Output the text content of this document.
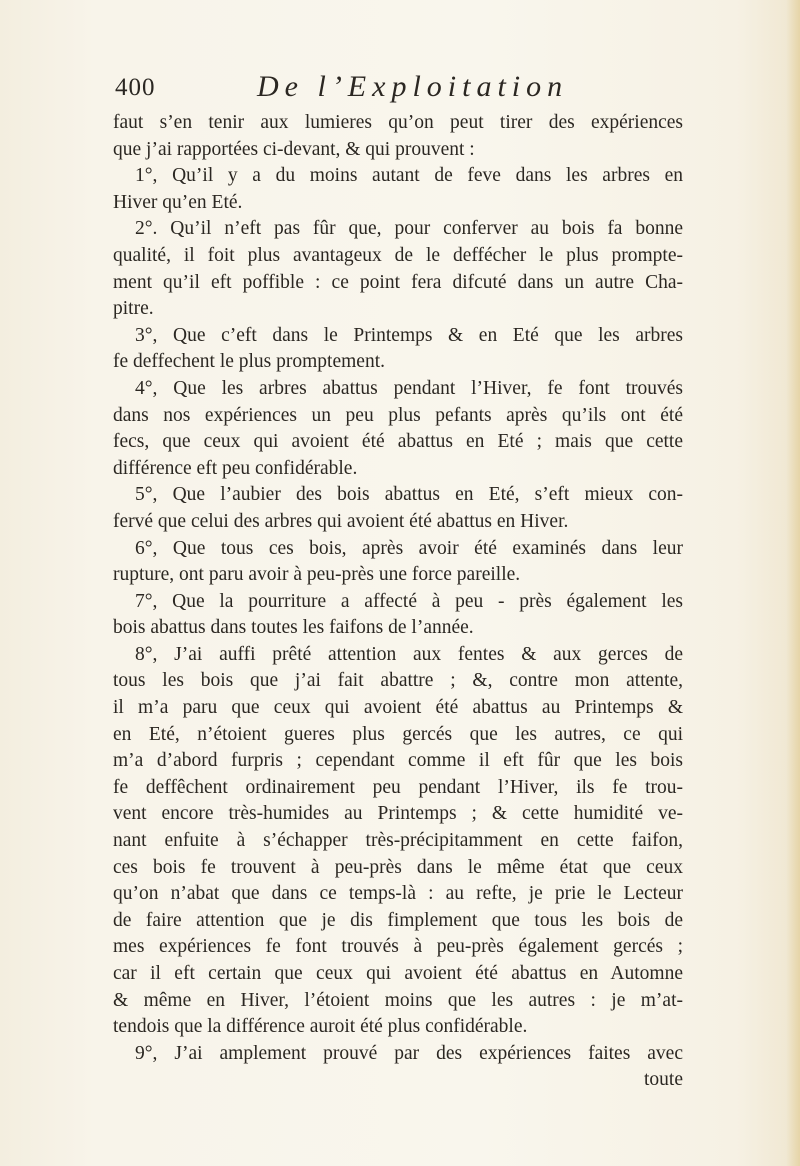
400	De l’Exploitation
faut s’en tenir aux lumieres qu’on peut tirer des expériences
que j’ai rapportées ci-devant, & qui prouvent :
1°, Qu’il y a du moins autant de feve dans les arbres en
Hiver qu’en Eté.
2°. Qu’il n’eft pas fûr que, pour conferver au bois fa bonne
qualité, il foit plus avantageux de le deffécher le plus prompte-
ment qu’il eft poffible : ce point fera difcuté dans un autre Cha-
pitre.
3°, Que c’eft dans le Printemps & en Eté que les arbres
fe deffechent le plus promptement.
4°, Que les arbres abattus pendant l’Hiver, fe font trouvés
dans nos expériences un peu plus pefants après qu’ils ont été
fecs, que ceux qui avoient été abattus en Eté ; mais que cette
différence eft peu confidérable.
5°, Que l’aubier des bois abattus en Eté, s’eft mieux con-
fervé que celui des arbres qui avoient été abattus en Hiver.
6°, Que tous ces bois, après avoir été examinés dans leur
rupture, ont paru avoir à peu-près une force pareille.
7°, Que la pourriture a affecté à peu - près également les
bois abattus dans toutes les faifons de l’année.
8°, J’ai auffi prêté attention aux fentes & aux gerces de
tous les bois que j’ai fait abattre ; &, contre mon attente,
il m’a paru que ceux qui avoient été abattus au Printemps &
en Eté, n’étoient gueres plus gercés que les autres, ce qui
m’a d’abord furpris ; cependant comme il eft fûr que les bois
fe deffêchent ordinairement peu pendant l’Hiver, ils fe trou-
vent encore très-humides au Printemps ; & cette humidité ve-
nant enfuite à s’échapper très-précipitamment en cette faifon,
ces bois fe trouvent à peu-près dans le même état que ceux
qu’on n’abat que dans ce temps-là : au refte, je prie le Lecteur
de faire attention que je dis fimplement que tous les bois de
mes expériences fe font trouvés à peu-près également gercés ;
car il eft certain que ceux qui avoient été abattus en Automne
& même en Hiver, l’étoient moins que les autres : je m’at-
tendois que la différence auroit été plus confidérable.
9°, J’ai amplement prouvé par des expériences faites avec
toute
